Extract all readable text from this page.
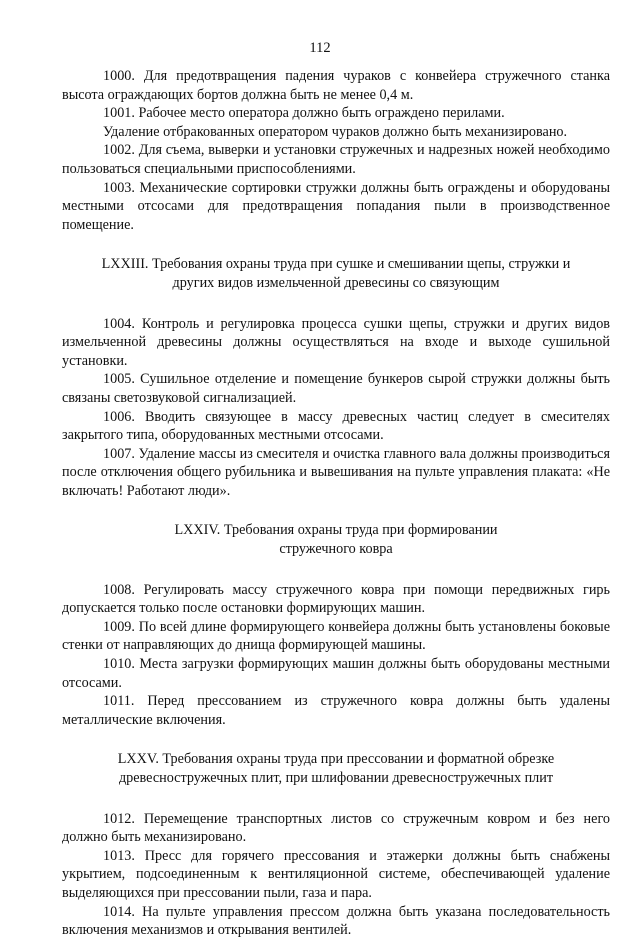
112

1000. Для предотвращения падения чураков с конвейера стружечного станка высота ограждающих бортов должна быть не менее 0,4 м.

1001. Рабочее место оператора должно быть ограждено перилами.

Удаление отбракованных оператором чураков должно быть механизировано.

1002. Для съема, выверки и установки стружечных и надрезных ножей необходимо пользоваться специальными приспособлениями.

1003. Механические сортировки стружки должны быть ограждены и оборудованы местными отсосами для предотвращения попадания пыли в производственное помещение.

LXXIII. Требования охраны труда при сушке и смешивании щепы, стружки и
других видов измельченной древесины со связующим

1004. Контроль и регулировка процесса сушки щепы, стружки и других видов измельченной древесины должны осуществляться на входе и выходе сушильной установки.

1005. Сушильное отделение и помещение бункеров сырой стружки должны быть связаны светозвуковой сигнализацией.

1006. Вводить связующее в массу древесных частиц следует в смесителях закрытого типа, оборудованных местными отсосами.

1007. Удаление массы из смесителя и очистка главного вала должны производиться после отключения общего рубильника и вывешивания на пульте управления плаката: «Не включать! Работают люди».

LXXIV. Требования охраны труда при формировании
стружечного ковра

1008. Регулировать массу стружечного ковра при помощи передвижных гирь допускается только после остановки формирующих машин.

1009. По всей длине формирующего конвейера должны быть установлены боковые стенки от направляющих до днища формирующей машины.

1010. Места загрузки формирующих машин должны быть оборудованы местными отсосами.

1011. Перед прессованием из стружечного ковра должны быть удалены металлические включения.

LXXV. Требования охраны труда при прессовании и форматной обрезке
древесностружечных плит, при шлифовании древесностружечных плит

1012. Перемещение транспортных листов со стружечным ковром и без него должно быть механизировано.

1013. Пресс для горячего прессования и этажерки должны быть снабжены укрытием, подсоединенным к вентиляционной системе, обеспечивающей удаление выделяющихся при прессовании пыли, газа и пара.

1014. На пульте управления прессом должна быть указана последовательность включения механизмов и открывания вентилей.
